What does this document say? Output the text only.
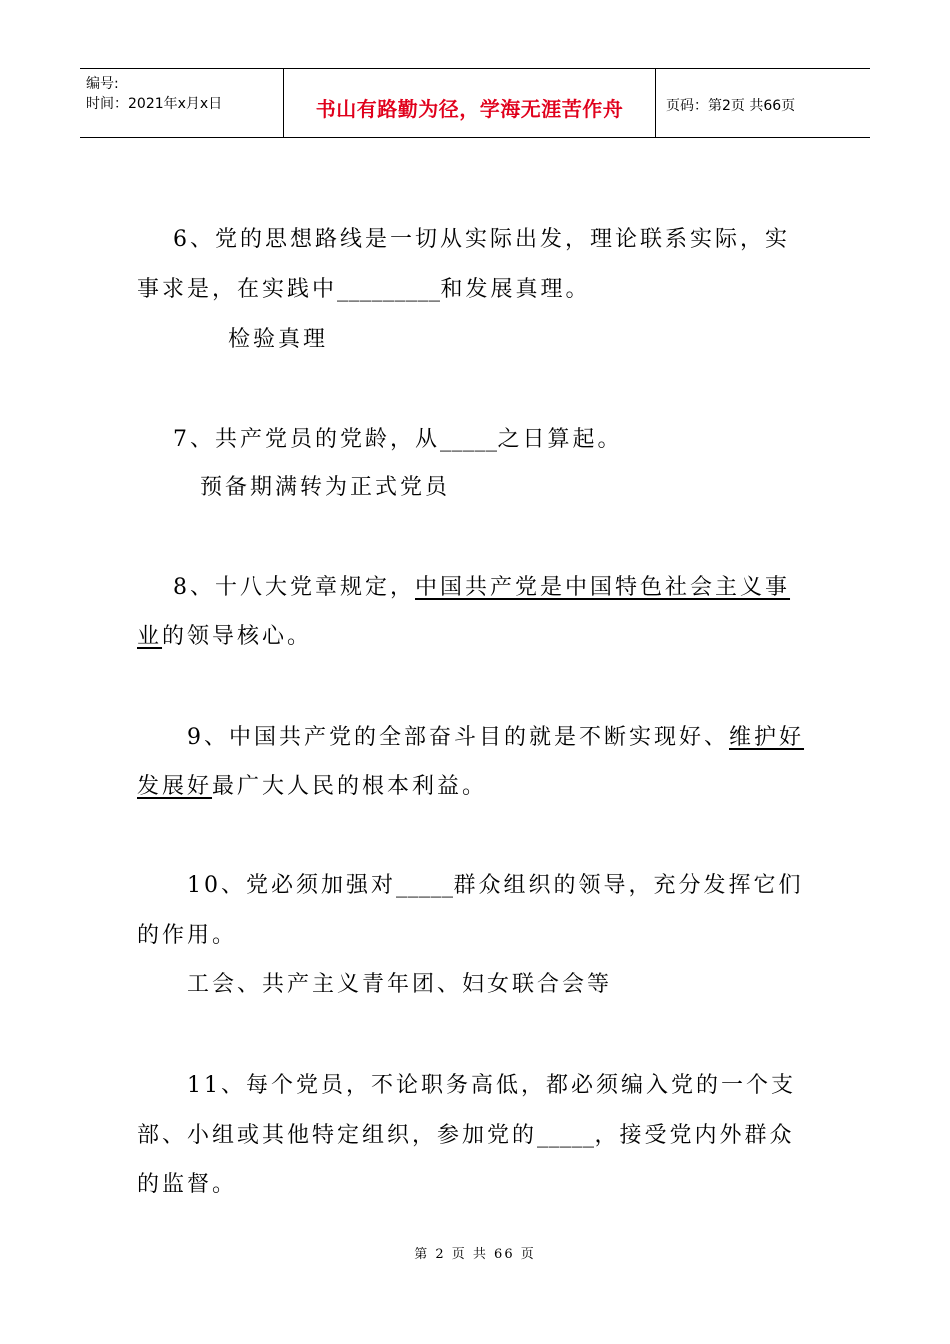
编号:
时间：2021年x月x日	书山有路勤为径，学海无涯苦作舟	页码：第2页 共66页
6、党的思想路线是一切从实际出发，理论联系实际，实
事求是，在实践中_________和发展真理。
检验真理
7、共产党员的党龄，从_____之日算起。
预备期满转为正式党员
8、十八大党章规定，中国共产党是中国特色社会主义事
业的领导核心。
9、中国共产党的全部奋斗目的就是不断实现好、维护好
发展好最广大人民的根本利益。
10、党必须加强对_____群众组织的领导，充分发挥它们
的作用。
工会、共产主义青年团、妇女联合会等
11、每个党员，不论职务高低，都必须编入党的一个支
部、小组或其他特定组织，参加党的_____，接受党内外群众
的监督。
第 2 页 共 66 页
